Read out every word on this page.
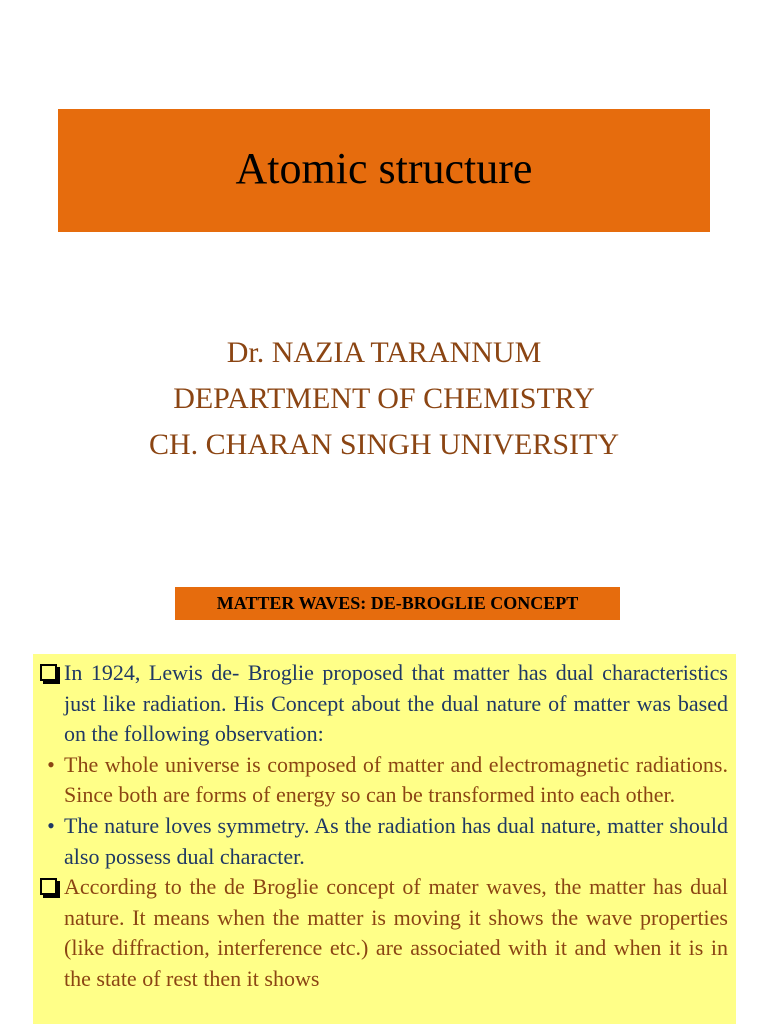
Atomic structure
Dr. NAZIA TARANNUM
DEPARTMENT OF CHEMISTRY
CH. CHARAN SINGH UNIVERSITY
MATTER WAVES: DE-BROGLIE CONCEPT
In 1924, Lewis de- Broglie proposed that matter has dual characteristics just like radiation. His Concept about the dual nature of matter was based on the following observation:
• The whole universe is composed of matter and electromagnetic radiations. Since both are forms of energy so can be transformed into each other.
• The nature loves symmetry. As the radiation has dual nature, matter should also possess dual character.
According to the de Broglie concept of mater waves, the matter has dual nature. It means when the matter is moving it shows the wave properties (like diffraction, interference etc.) are associated with it and when it is in the state of rest then it shows
